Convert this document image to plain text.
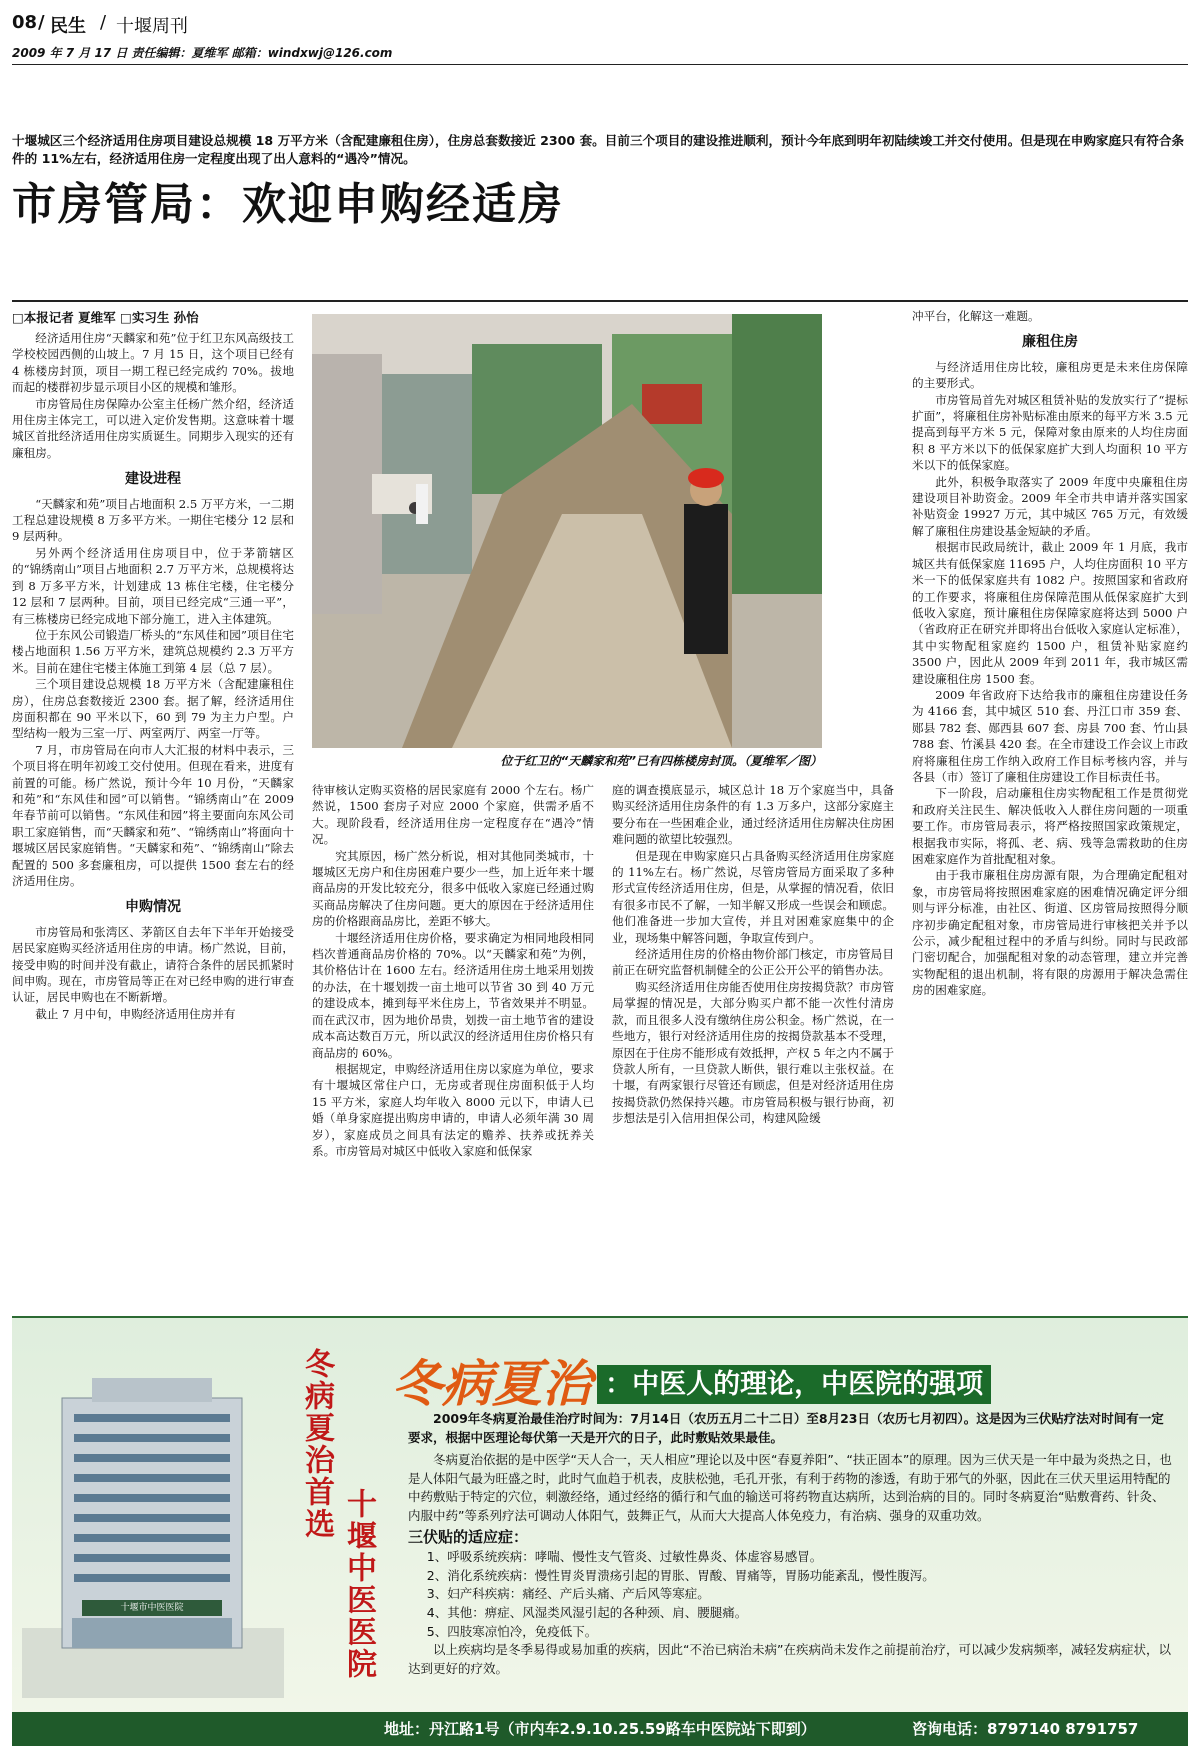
08 / 民生 / 十堰周刊
2009 年 7 月 17 日 责任编辑：夏维军 邮箱：windxwj@126.com
十堰城区三个经济适用住房项目建设总规模 18 万平方米（含配建廉租住房），住房总套数接近 2300 套。目前三个项目的建设推进顺利，预计今年底到明年初陆续竣工并交付使用。但是现在申购家庭只有符合条件的 11%左右，经济适用住房一定程度出现了出人意料的“遇冷”情况。
市房管局：欢迎申购经适房
□本报记者 夏维军 □实习生 孙怡
位于红卫的“天麟家和苑”已有四栋楼房封顶。（夏维军／图）

经济适用住房“天麟家和苑”位于红卫东风高级技工学校校园西侧的山坡上。7 月 15 日，这个项目已经有 4 栋楼房封顶，项目一期工程已经完成约 70%。拔地而起的楼群初步显示项目小区的规模和雏形。

市房管局住房保障办公室主任杨广然介绍，经济适用住房主体完工，可以进入定价发售期。这意味着十堰城区首批经济适用住房实质诞生。同期步入现实的还有廉租房。

建设进程

“天麟家和苑”项目占地面积 2.5 万平方米，一二期工程总建设规模 8 万多平方米。一期住宅楼分 12 层和 9 层两种。

另外两个经济适用住房项目中，位于茅箭辖区的“锦绣南山”项目占地面积 2.7 万平方米，总规模将达到 8 万多平方米，计划建成 13 栋住宅楼，住宅楼分 12 层和 7 层两种。目前，项目已经完成“三通一平”，有三栋楼房已经完成地下部分施工，进入主体建筑。

位于东风公司锻造厂桥头的“东风佳和园”项目住宅楼占地面积 1.56 万平方米，建筑总规模约 2.3 万平方米。目前在建住宅楼主体施工到第 4 层（总 7 层）。

三个项目建设总规模 18 万平方米（含配建廉租住房），住房总套数接近 2300 套。据了解，经济适用住房面积都在 90 平米以下，60 到 79 为主力户型。户型结构一般为三室一厅、两室两厅、两室一厅等。

7 月，市房管局在向市人大汇报的材料中表示，三个项目将在明年初竣工交付使用。但现在看来，进度有前置的可能。杨广然说，预计今年 10 月份，“天麟家和苑”和“东风佳和园”可以销售。“锦绣南山”在 2009 年春节前可以销售。“东风佳和园”将主要面向东风公司职工家庭销售，而“天麟家和苑”、“锦绣南山”将面向十堰城区居民家庭销售。“天麟家和苑”、“锦绣南山”除去配置的 500 多套廉租房，可以提供 1500 套左右的经济适用住房。

申购情况

市房管局和张湾区、茅箭区自去年下半年开始接受居民家庭购买经济适用住房的申请。杨广然说，目前，接受申购的时间并没有截止，请符合条件的居民抓紧时间申购。现在，市房管局等正在对已经申购的进行审查认证，居民申购也在不断新增。

截止 7 月中旬，申购经济适用住房并有

待审核认定购买资格的居民家庭有 2000 个左右。杨广然说，1500 套房子对应 2000 个家庭，供需矛盾不大。现阶段看，经济适用住房一定程度存在“遇冷”情况。

究其原因，杨广然分析说，相对其他同类城市，十堰城区无房户和住房困难户要少一些，加上近年来十堰商品房的开发比较充分，很多中低收入家庭已经通过购买商品房解决了住房问题。更大的原因在于经济适用住房的价格跟商品房比，差距不够大。

十堰经济适用住房价格，要求确定为相同地段相同档次普通商品房价格的 70%。以“天麟家和苑”为例，其价格估计在 1600 左右。经济适用住房土地采用划拨的办法，在十堰划拨一亩土地可以节省 30 到 40 万元的建设成本，摊到每平米住房上，节省效果并不明显。而在武汉市，因为地价昂贵，划拨一亩土地节省的建设成本高达数百万元，所以武汉的经济适用住房价格只有商品房的 60%。

根据规定，申购经济适用住房以家庭为单位，要求有十堰城区常住户口，无房或者现住房面积低于人均 15 平方米，家庭人均年收入 8000 元以下，申请人已婚（单身家庭提出购房申请的，申请人必须年满 30 周岁），家庭成员之间具有法定的赡养、扶养或抚养关系。市房管局对城区中低收入家庭和低保家

庭的调查摸底显示，城区总计 18 万个家庭当中，具备购买经济适用住房条件的有 1.3 万多户，这部分家庭主要分布在一些困难企业，通过经济适用住房解决住房困难问题的欲望比较强烈。

但是现在申购家庭只占具备购买经济适用住房家庭的 11%左右。杨广然说，尽管房管局方面采取了多种形式宣传经济适用住房，但是，从掌握的情况看，依旧有很多市民不了解，一知半解又形成一些误会和顾虑。他们准备进一步加大宣传，并且对困难家庭集中的企业，现场集中解答问题，争取宣传到户。

经济适用住房的价格由物价部门核定，市房管局目前正在研究监督机制健全的公正公开公平的销售办法。

购买经济适用住房能否使用住房按揭贷款？市房管局掌握的情况是，大部分购买户都不能一次性付清房款，而且很多人没有缴纳住房公积金。杨广然说，在一些地方，银行对经济适用住房的按揭贷款基本不受理，原因在于住房不能形成有效抵押，产权 5 年之内不属于贷款人所有，一旦贷款人断供，银行难以主张权益。在十堰，有两家银行尽管还有顾虑，但是对经济适用住房按揭贷款仍然保持兴趣。市房管局积极与银行协商，初步想法是引入信用担保公司，构建风险缓

冲平台，化解这一难题。

廉租住房

与经济适用住房比较，廉租房更是未来住房保障的主要形式。

市房管局首先对城区租赁补贴的发放实行了“提标扩面”，将廉租住房补贴标准由原来的每平方米 3.5 元提高到每平方米 5 元，保障对象由原来的人均住房面积 8 平方米以下的低保家庭扩大到人均面积 10 平方米以下的低保家庭。

此外，积极争取落实了 2009 年度中央廉租住房建设项目补助资金。2009 年全市共申请并落实国家补贴资金 19927 万元，其中城区 765 万元，有效缓解了廉租住房建设基金短缺的矛盾。

根据市民政局统计，截止 2009 年 1 月底，我市城区共有低保家庭 11695 户，人均住房面积 10 平方米一下的低保家庭共有 1082 户。按照国家和省政府的工作要求，将廉租住房保障范围从低保家庭扩大到低收入家庭，预计廉租住房保障家庭将达到 5000 户（省政府正在研究并即将出台低收入家庭认定标准），其中实物配租家庭约 1500 户，租赁补贴家庭约 3500 户，因此从 2009 年到 2011 年，我市城区需建设廉租住房 1500 套。

2009 年省政府下达给我市的廉租住房建设任务为 4166 套，其中城区 510 套、丹江口市 359 套、郧县 782 套、郧西县 607 套、房县 700 套、竹山县 788 套、竹溪县 420 套。在全市建设工作会议上市政府将廉租住房工作纳入政府工作目标考核内容，并与各县（市）签订了廉租住房建设工作目标责任书。

下一阶段，启动廉租住房实物配租工作是贯彻党和政府关注民生、解决低收入人群住房问题的一项重要工作。市房管局表示，将严格按照国家政策规定，根据我市实际，将孤、老、病、残等急需救助的住房困难家庭作为首批配租对象。

由于我市廉租住房房源有限，为合理确定配租对象，市房管局将按照困难家庭的困难情况确定评分细则与评分标准，由社区、街道、区房管局按照得分顺序初步确定配租对象，市房管局进行审核把关并予以公示，减少配租过程中的矛盾与纠纷。同时与民政部门密切配合，加强配租对象的动态管理，建立并完善实物配租的退出机制，将有限的房源用于解决急需住房的困难家庭。

十堰市中医医院
冬病夏治首选
十堰中医医院
冬病夏治 ：中医人的理论，中医院的强项

2009年冬病夏治最佳治疗时间为：7月14日（农历五月二十二日）至8月23日（农历七月初四）。这是因为三伏贴疗法对时间有一定要求，根据中医理论每伏第一天是开穴的日子，此时敷贴效果最佳。

冬病夏治依据的是中医学“天人合一，天人相应”理论以及中医“春夏养阳”、“扶正固本”的原理。因为三伏天是一年中最为炎热之日，也是人体阳气最为旺盛之时，此时气血趋于机表，皮肤松弛，毛孔开张，有利于药物的渗透，有助于邪气的外驱，因此在三伏天里运用特配的中药敷贴于特定的穴位，刺激经络，通过经络的循行和气血的输送可将药物直达病所，达到治病的目的。同时冬病夏治“贴敷膏药、针灸、内服中药”等系列疗法可调动人体阳气，鼓舞正气，从而大大提高人体免疫力，有治病、强身的双重功效。

三伏贴的适应症：

1、呼吸系统疾病：哮喘、慢性支气管炎、过敏性鼻炎、体虚容易感冒。

2、消化系统疾病：慢性胃炎胃溃疡引起的胃胀、胃酸、胃痛等，胃肠功能紊乱，慢性腹泻。

3、妇产科疾病：痛经、产后头痛、产后风等寒症。

4、其他：痹症、风湿类风湿引起的各种颈、肩、腰腿痛。

5、四肢寒凉怕冷，免疫低下。

以上疾病均是冬季易得或易加重的疾病，因此“不治已病治未病”在疾病尚未发作之前提前治疗，可以减少发病频率，减轻发病症状，以达到更好的疗效。

地址：丹江路1号（市内车2.9.10.25.59路车中医院站下即到）	咨询电话：8797140 8791757
